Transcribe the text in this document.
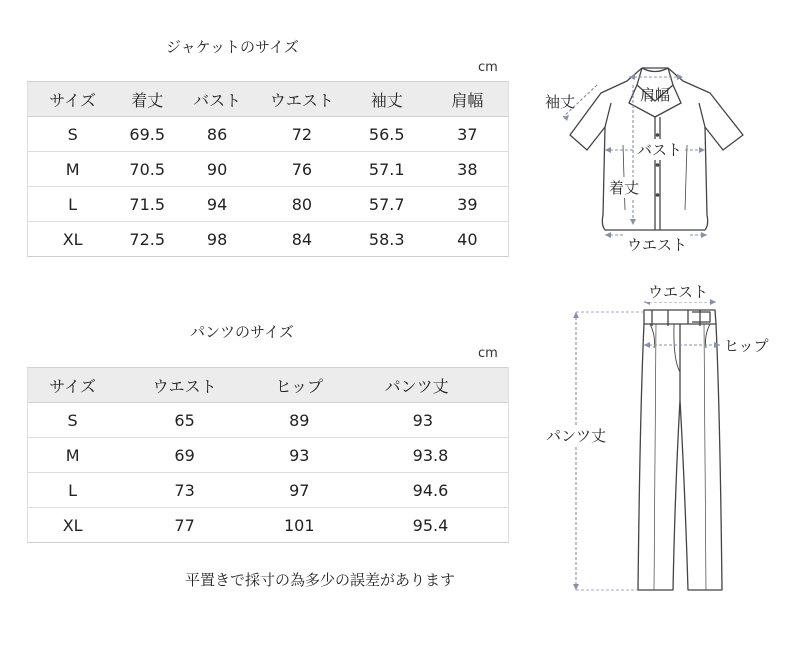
ジャケットのサイズ
cm
サイズ	着丈	バスト	ウエスト	袖丈	肩幅
S	69.5	86	72	56.5	37
M	70.5	90	76	57.1	38
L	71.5	94	80	57.7	39
XL	72.5	98	84	58.3	40
パンツのサイズ
cm
サイズ	ウエスト	ヒップ	パンツ丈
S	65	89	93
M	69	93	93.8
L	73	97	94.6
XL	77	101	95.4
平置きで採寸の為多少の誤差があります
袖丈	肩幅
バスト
着丈
ウエスト
ウエスト
ヒップ
パンツ丈
